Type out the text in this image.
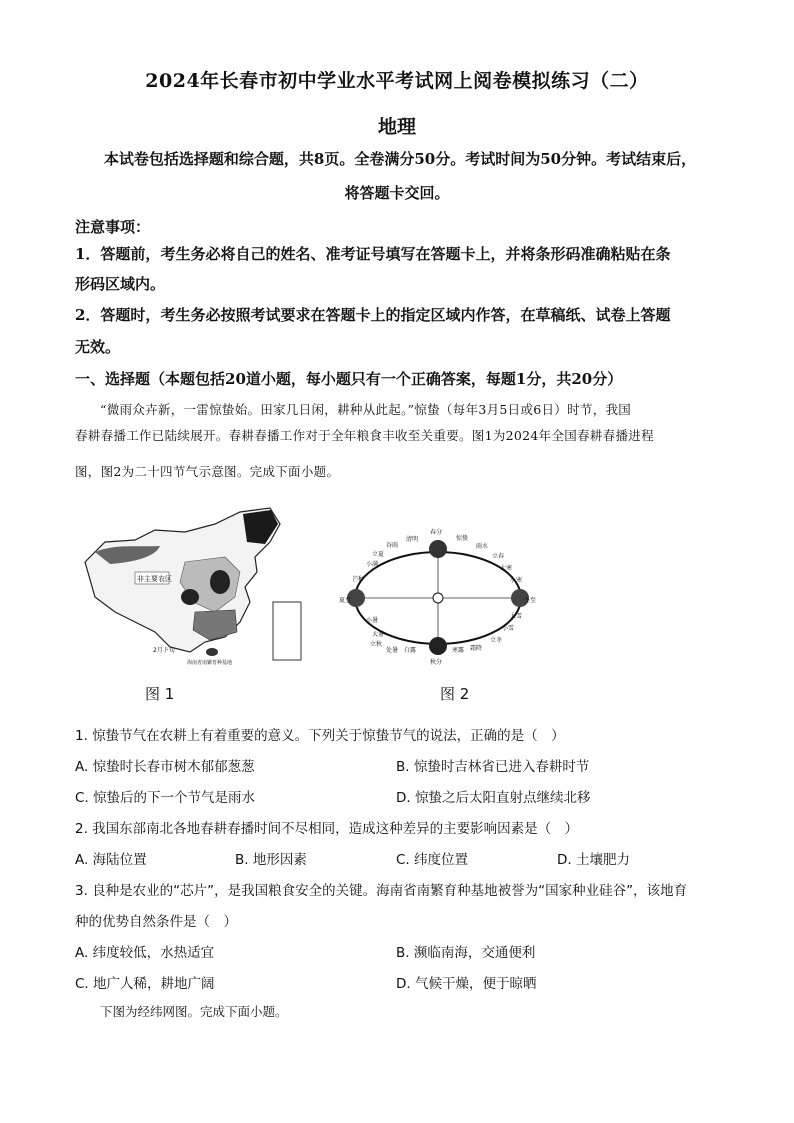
2024年长春市初中学业水平考试网上阅卷模拟练习（二）
地理
本试卷包括选择题和综合题，共8页。全卷满分50分。考试时间为50分钟。考试结束后，
将答题卡交回。
注意事项：
1．答题前，考生务必将自己的姓名、准考证号填写在答题卡上，并将条形码准确粘贴在条
形码区域内。
2．答题时，考生务必按照考试要求在答题卡上的指定区域内作答，在草稿纸、试卷上答题
无效。
一、选择题（本题包括20道小题，每小题只有一个正确答案，每题1分，共20分）
“微雨众卉新，一雷惊蛰始。田家几日闲，耕种从此起。”惊蛰（每年3月5日或6日）时节，我国
春耕春播工作已陆续展开。春耕春播工作对于全年粮食丰收至关重要。图1为2024年全国春耕春播进程
图，图2为二十四节气示意图。完成下面小题。
非主要农区
2月下旬
海南省南繁育种基地
图 1
春分
清明
谷雨
立夏
小满
芒种
夏至
小暑
大暑
立秋
处暑 白露
秋分
寒露 霜降
立冬
小雪
大雪
冬至
小寒
大寒
立春
雨水
惊蛰
图 2
1. 惊蛰节气在农耕上有着重要的意义。下列关于惊蛰节气的说法，正确的是（　）
A. 惊蛰时长春市树木郁郁葱葱	B. 惊蛰时吉林省已进入春耕时节
C. 惊蛰后的下一个节气是雨水	D. 惊蛰之后太阳直射点继续北移
2. 我国东部南北各地春耕春播时间不尽相同，造成这种差异的主要影响因素是（　）
A. 海陆位置	B. 地形因素	C. 纬度位置	D. 土壤肥力
3. 良种是农业的“芯片”，是我国粮食安全的关键。海南省南繁育种基地被誉为“国家种业硅谷”，该地育
种的优势自然条件是（　）
A. 纬度较低，水热适宜	B. 濒临南海，交通便利
C. 地广人稀，耕地广阔	D. 气候干燥，便于晾晒
下图为经纬网图。完成下面小题。
